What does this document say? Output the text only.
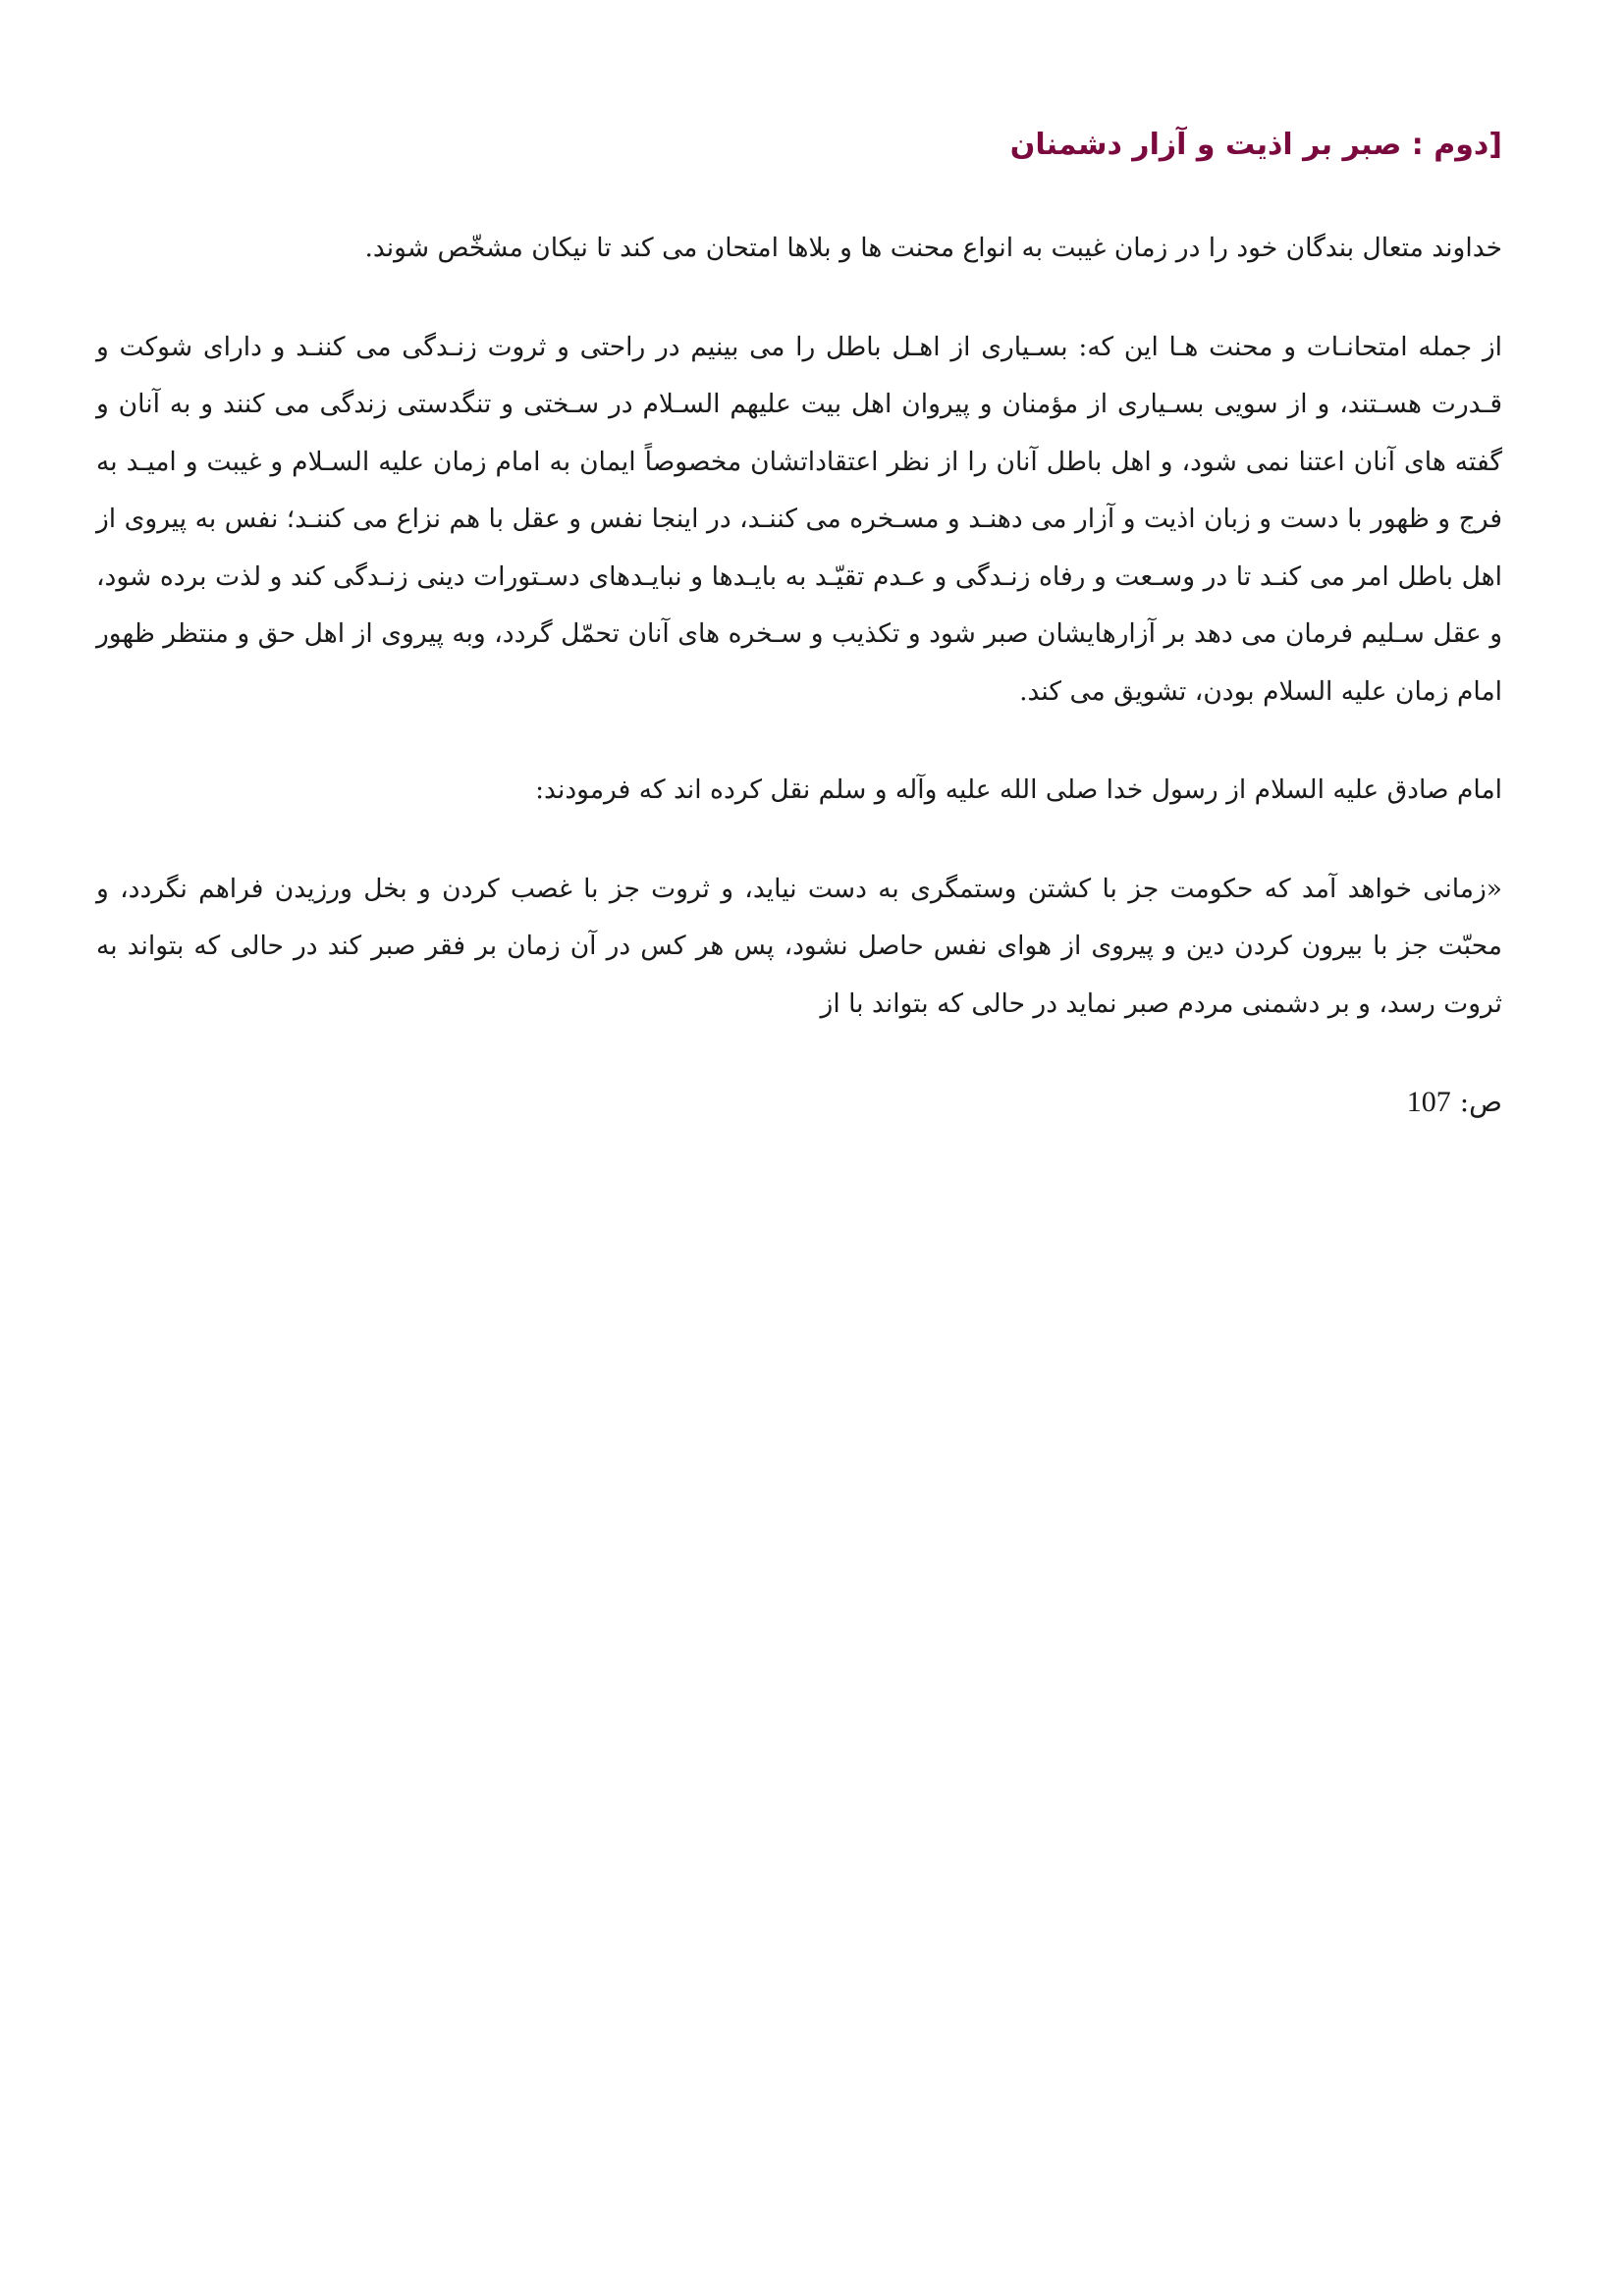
[دوم : صبر بر اذیت و آزار دشمنان

خداوند متعال بندگان خود را در زمان غیبت به انواع محنت ها و بلاها امتحان می کند تا نیکان مشخّص شوند.

از جمله امتحانـات و محنت هـا این که: بسـیاری از اهـل باطل را می بینیم در راحتی و ثروت زنـدگی می کننـد و دارای شوکت و قـدرت هسـتند، و از سویی بسـیاری از مؤمنان و پیروان اهل بیت علیهم السـلام در سـختی و تنگدستی زندگی می کنند و به آنان و گفته های آنان اعتنا نمی شود، و اهل باطل آنان را از نظر اعتقاداتشان مخصوصاً ایمان به امام زمان علیه السـلام و غیبت و امیـد به فرج و ظهور با دست و زبان اذیت و آزار می دهنـد و مسـخره می کننـد، در اینجا نفس و عقل با هم نزاع می کننـد؛ نفس به پیروی از اهل باطل امر می کنـد تا در وسـعت و رفاه زنـدگی و عـدم تقیّـد به بایـدها و نبایـدهای دسـتورات دینی زنـدگی کند و لذت برده شود، و عقل سـلیم فرمان می دهد بر آزارهایشان صبر شود و تکذیب و سـخره های آنان تحمّل گردد، وبه پیروی از اهل حق و منتظر ظهور امام زمان علیه السلام بودن، تشویق می کند.

امام صادق علیه السلام از رسول خدا صلی الله علیه وآله و سلم نقل کرده اند که فرمودند:

«زمانی خواهد آمد که حکومت جز با کشتن وستمگری به دست نیاید، و ثروت جز با غصب کردن و بخل ورزیدن فراهم نگردد، و محبّت جز با بیرون کردن دین و پیروی از هوای نفس حاصل نشود، پس هر کس در آن زمان بر فقر صبر کند در حالی که بتواند به ثروت رسد، و بر دشمنی مردم صبر نماید در حالی که بتواند با از

ص: 107
